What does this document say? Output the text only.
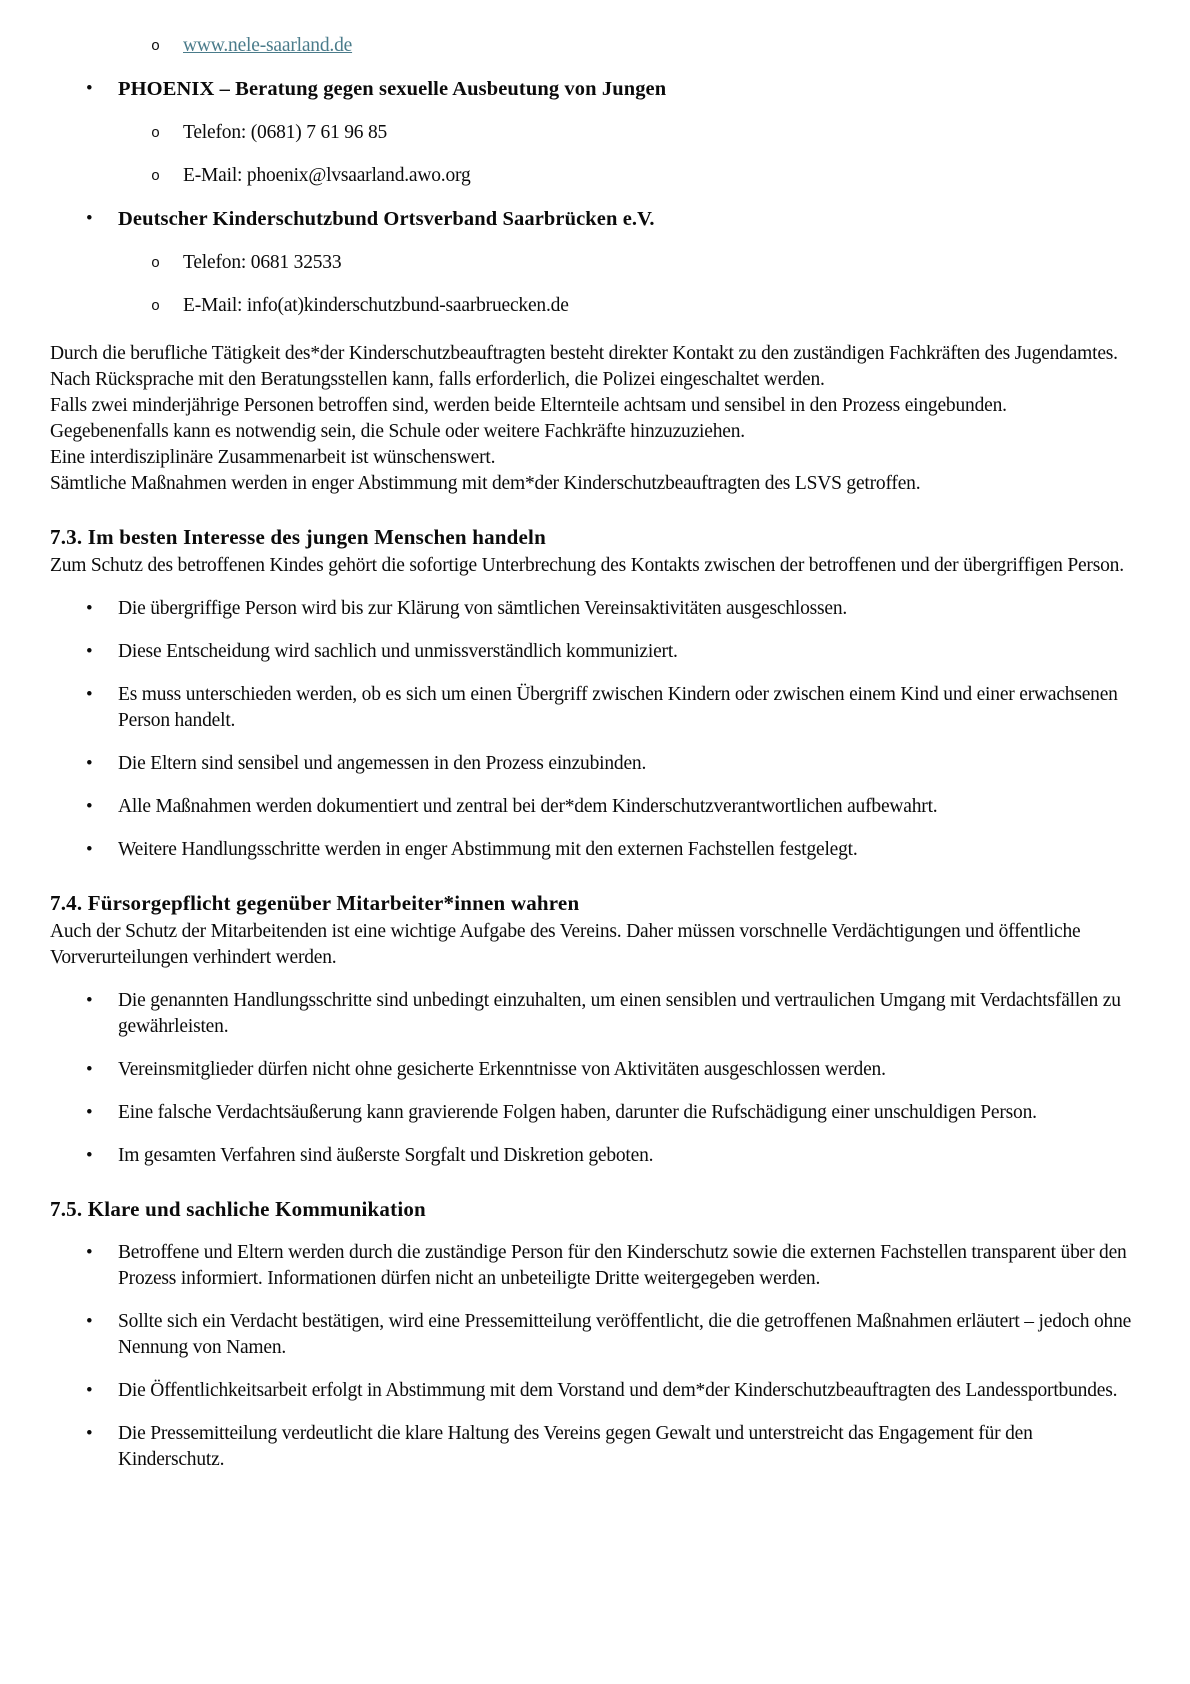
o www.nele-saarland.de
• PHOENIX – Beratung gegen sexuelle Ausbeutung von Jungen
o Telefon: (0681) 7 61 96 85
o E-Mail: phoenix@lvsaarland.awo.org
• Deutscher Kinderschutzbund Ortsverband Saarbrücken e.V.
o Telefon: 0681 32533
o E-Mail: info(at)kinderschutzbund-saarbruecken.de
Durch die berufliche Tätigkeit des*der Kinderschutzbeauftragten besteht direkter Kontakt zu den zuständigen Fachkräften des Jugendamtes.
Nach Rücksprache mit den Beratungsstellen kann, falls erforderlich, die Polizei eingeschaltet werden.
Falls zwei minderjährige Personen betroffen sind, werden beide Elternteile achtsam und sensibel in den Prozess eingebunden.
Gegebenenfalls kann es notwendig sein, die Schule oder weitere Fachkräfte hinzuzuziehen.
Eine interdisziplinäre Zusammenarbeit ist wünschenswert.
Sämtliche Maßnahmen werden in enger Abstimmung mit dem*der Kinderschutzbeauftragten des LSVS getroffen.
7.3. Im besten Interesse des jungen Menschen handeln
Zum Schutz des betroffenen Kindes gehört die sofortige Unterbrechung des Kontakts zwischen der betroffenen und der übergriffigen Person.
• Die übergriffige Person wird bis zur Klärung von sämtlichen Vereinsaktivitäten ausgeschlossen.
• Diese Entscheidung wird sachlich und unmissverständlich kommuniziert.
• Es muss unterschieden werden, ob es sich um einen Übergriff zwischen Kindern oder zwischen einem Kind und einer erwachsenen Person handelt.
• Die Eltern sind sensibel und angemessen in den Prozess einzubinden.
• Alle Maßnahmen werden dokumentiert und zentral bei der*dem Kinderschutzverantwortlichen aufbewahrt.
• Weitere Handlungsschritte werden in enger Abstimmung mit den externen Fachstellen festgelegt.
7.4. Fürsorgepflicht gegenüber Mitarbeiter*innen wahren
Auch der Schutz der Mitarbeitenden ist eine wichtige Aufgabe des Vereins. Daher müssen vorschnelle Verdächtigungen und öffentliche Vorverurteilungen verhindert werden.
• Die genannten Handlungsschritte sind unbedingt einzuhalten, um einen sensiblen und vertraulichen Umgang mit Verdachtsfällen zu gewährleisten.
• Vereinsmitglieder dürfen nicht ohne gesicherte Erkenntnisse von Aktivitäten ausgeschlossen werden.
• Eine falsche Verdachtsäußerung kann gravierende Folgen haben, darunter die Rufschädigung einer unschuldigen Person.
• Im gesamten Verfahren sind äußerste Sorgfalt und Diskretion geboten.
7.5. Klare und sachliche Kommunikation
• Betroffene und Eltern werden durch die zuständige Person für den Kinderschutz sowie die externen Fachstellen transparent über den Prozess informiert. Informationen dürfen nicht an unbeteiligte Dritte weitergegeben werden.
• Sollte sich ein Verdacht bestätigen, wird eine Pressemitteilung veröffentlicht, die die getroffenen Maßnahmen erläutert – jedoch ohne Nennung von Namen.
• Die Öffentlichkeitsarbeit erfolgt in Abstimmung mit dem Vorstand und dem*der Kinderschutzbeauftragten des Landessportbundes.
• Die Pressemitteilung verdeutlicht die klare Haltung des Vereins gegen Gewalt und unterstreicht das Engagement für den Kinderschutz.
